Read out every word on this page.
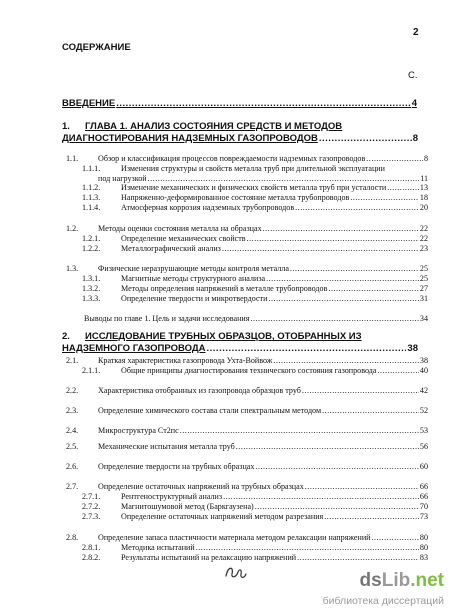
2
СОДЕРЖАНИЕ
С.
ВВЕДЕНИЕ .....	4
1. ГЛАВА 1. АНАЛИЗ СОСТОЯНИЯ СРЕДСТВ И МЕТОДОВ
ДИАГНОСТИРОВАНИЯ НАДЗЕМНЫХ ГАЗОПРОВОДОВ .....	8
1.1. Обзор и классификация процессов повреждаемости надземных газопроводов .....	8
1.1.1.	Изменения структуры и свойств металла труб при длительной эксплуатации
под нагрузкой .....	11
1.1.2.	Изменение механических и физических свойств металла труб при усталости .....	13
1.1.3.	Напряженно-деформированное состояние металла трубопроводов .....	18
1.1.4.	Атмосферная коррозия надземных трубопроводов .....	20
1.2. Методы оценки состояния металла на образцах .....	22
1.2.1.	Определение механических свойств .....	22
1.2.2.	Металлографический анализ .....	23
1.3. Физические неразрушающие методы контроля металла .....	25
1.3.1.	Магнитные методы структурного анализа .....	25
1.3.2.	Методы определения напряжений в металле трубопроводов .....	27
1.3.3.	Определение твердости и микротвердости .....	31
Выводы по главе 1. Цель и задачи исследования .....	34
2. ИССЛЕДОВАНИЕ ТРУБНЫХ ОБРАЗЦОВ, ОТОБРАННЫХ ИЗ
НАДЗЕМНОГО ГАЗОПРОВОДА .....	38
2.1. Краткая характеристика газопровода Ухта-Войвож .....	38
2.1.1.	Общие принципы диагностирования технического состояния газопровода .....	40
2.2. Характеристика отобранных из газопровода образцов труб .....	42
2.3. Определение химического состава стали спектральным методом .....	52
2.4. Микроструктура Ст2пс .....	53
2.5. Механические испытания металла труб .....	56
2.6. Определение твердости на трубных образцах .....	60
2.7. Определение остаточных напряжений на трубных образцах .....	66
2.7.1.	Рентгеноструктурный анализ .....	66
2.7.2.	Магнитошумовой метод (Баркгаузена) .....	70
2.7.3.	Определение остаточных напряжений методом разрезания .....	73
2.8. Определение запаса пластичности материала методом релаксации напряжений .....	80
2.8.1.	Методика испытаний .....	80
2.8.2.	Результаты испытаний на релаксацию напряжений .....	83
dsLib.net
библиотека диссертаций
